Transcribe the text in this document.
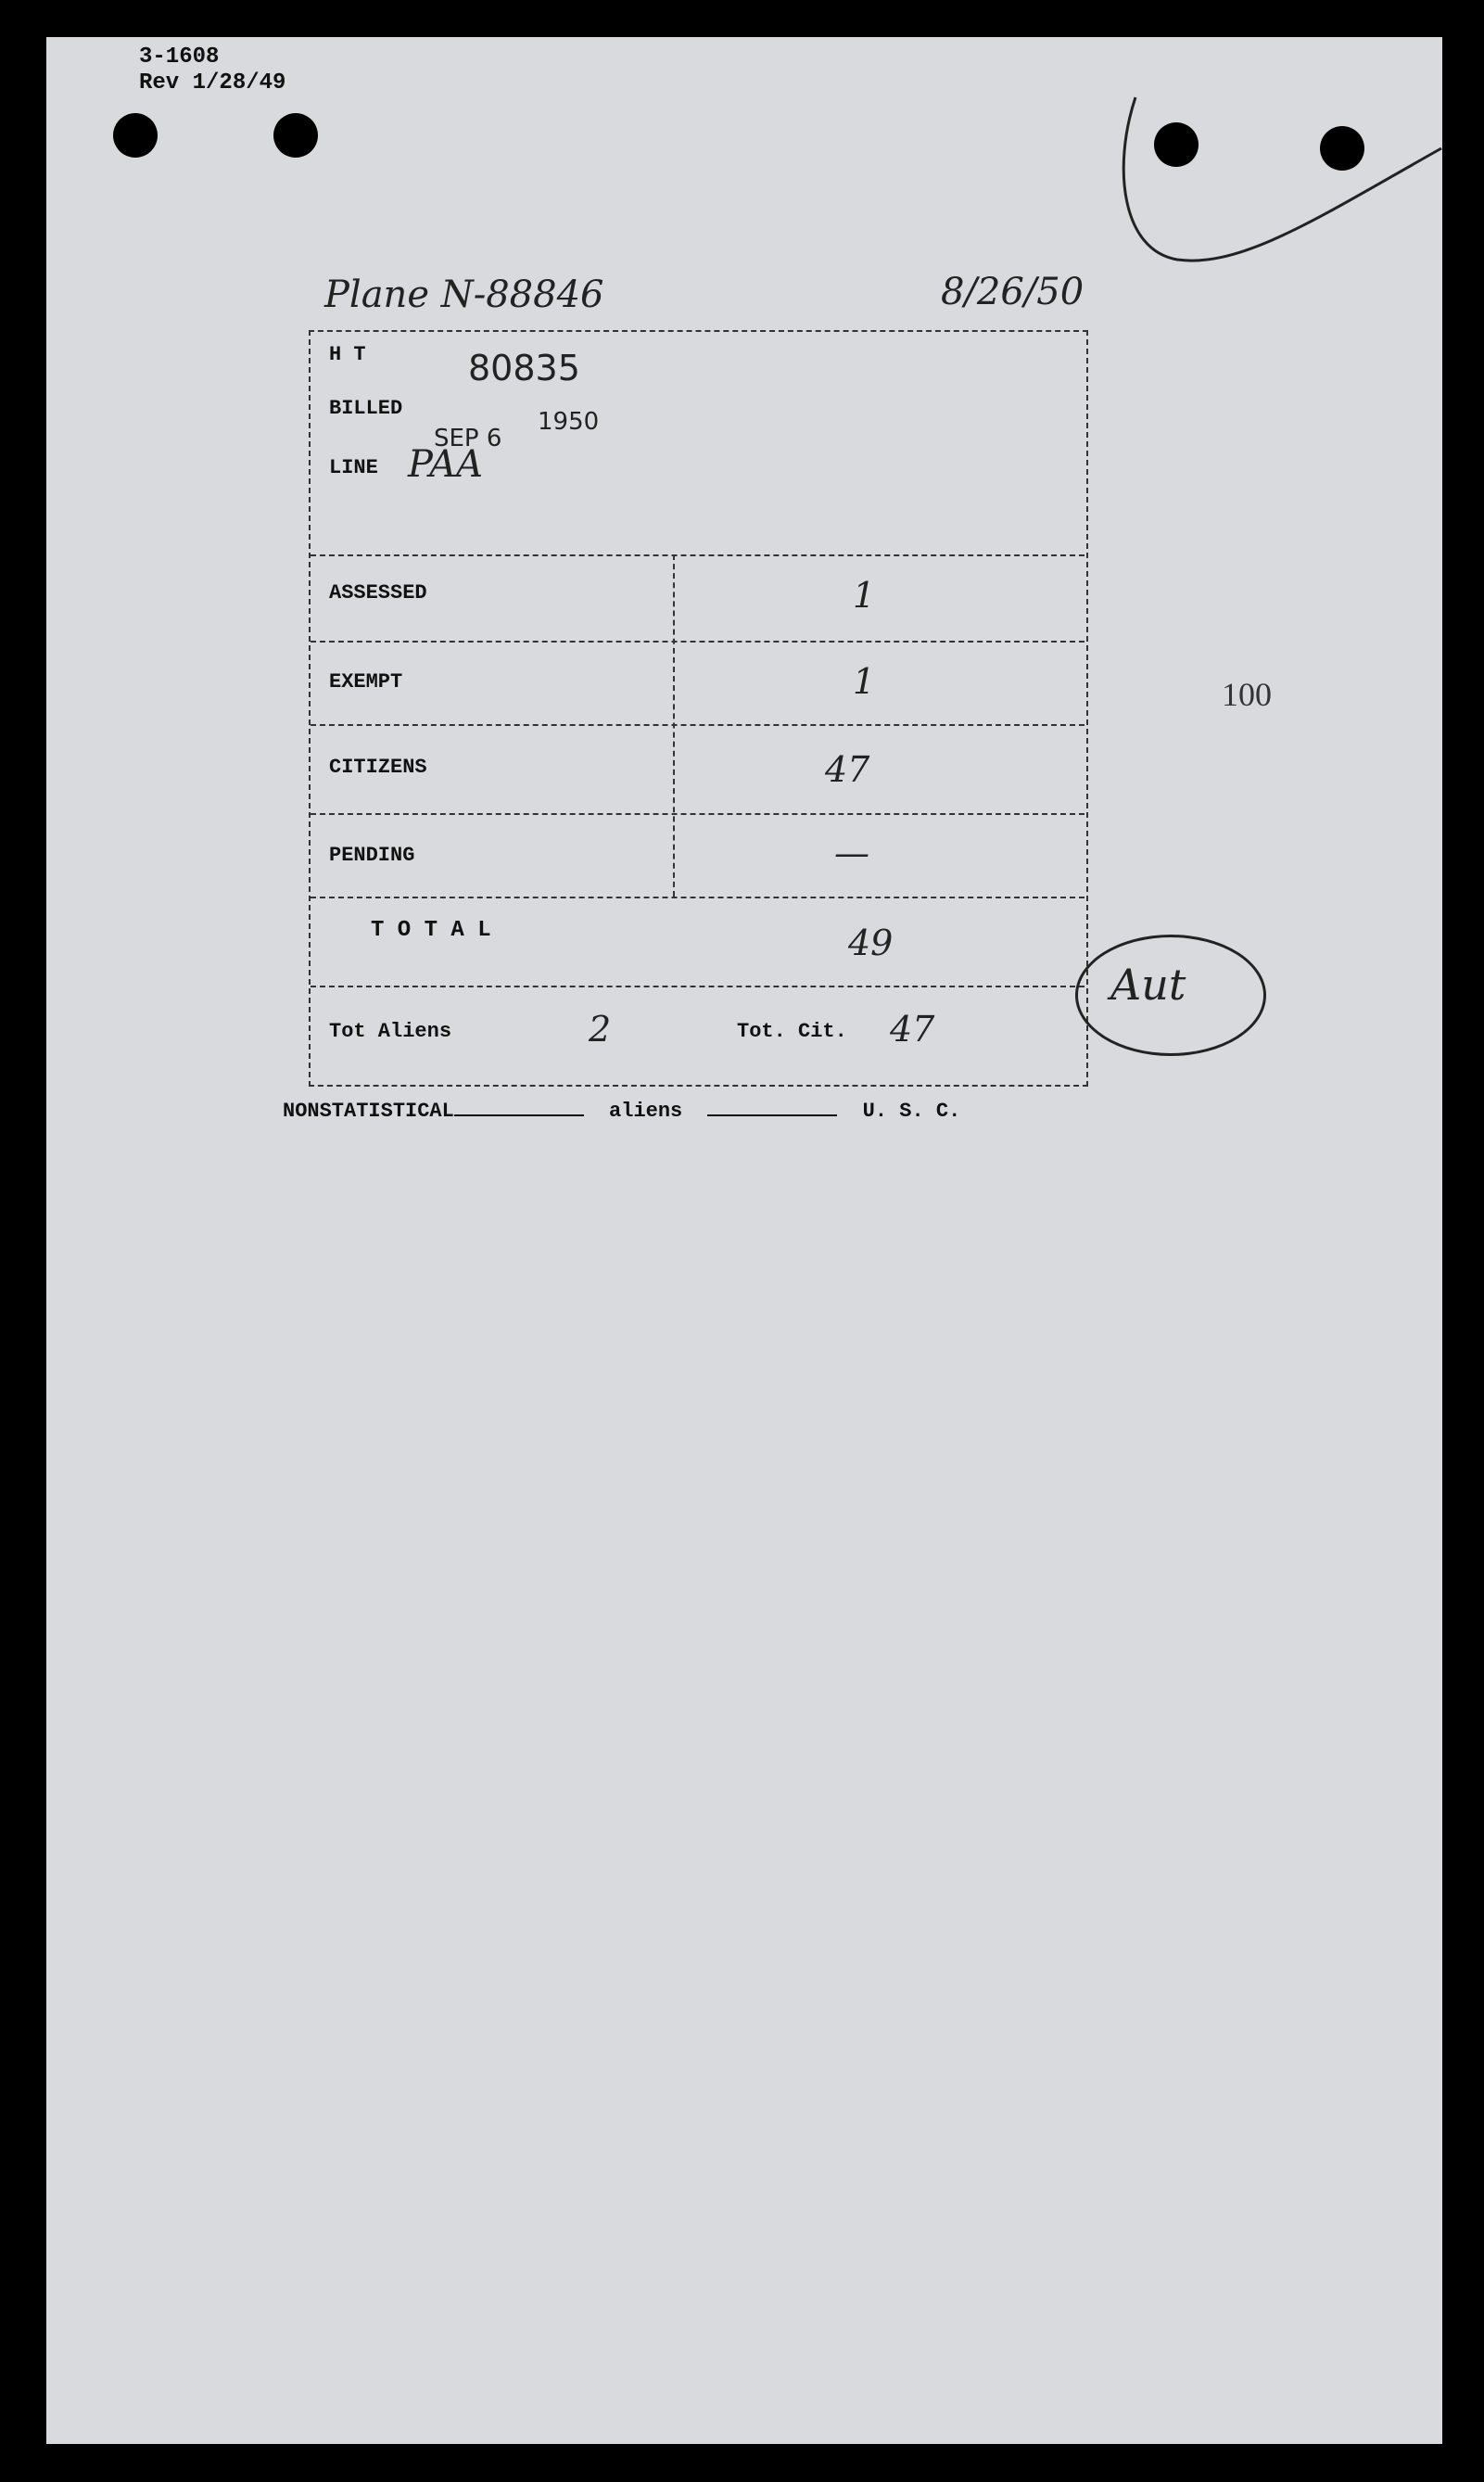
3-1608
Rev 1/28/49
Plane N-88846	8/26/50
H T	80835
BILLED
SEP 6
1950
LINE PAA
ASSESSED	1
EXEMPT	1
CITIZENS	47
PENDING	—
T O T A L	49
Tot Aliens	2	Tot. Cit. 47
Aut
100
NONSTATISTICAL	aliens	U. S. C.
